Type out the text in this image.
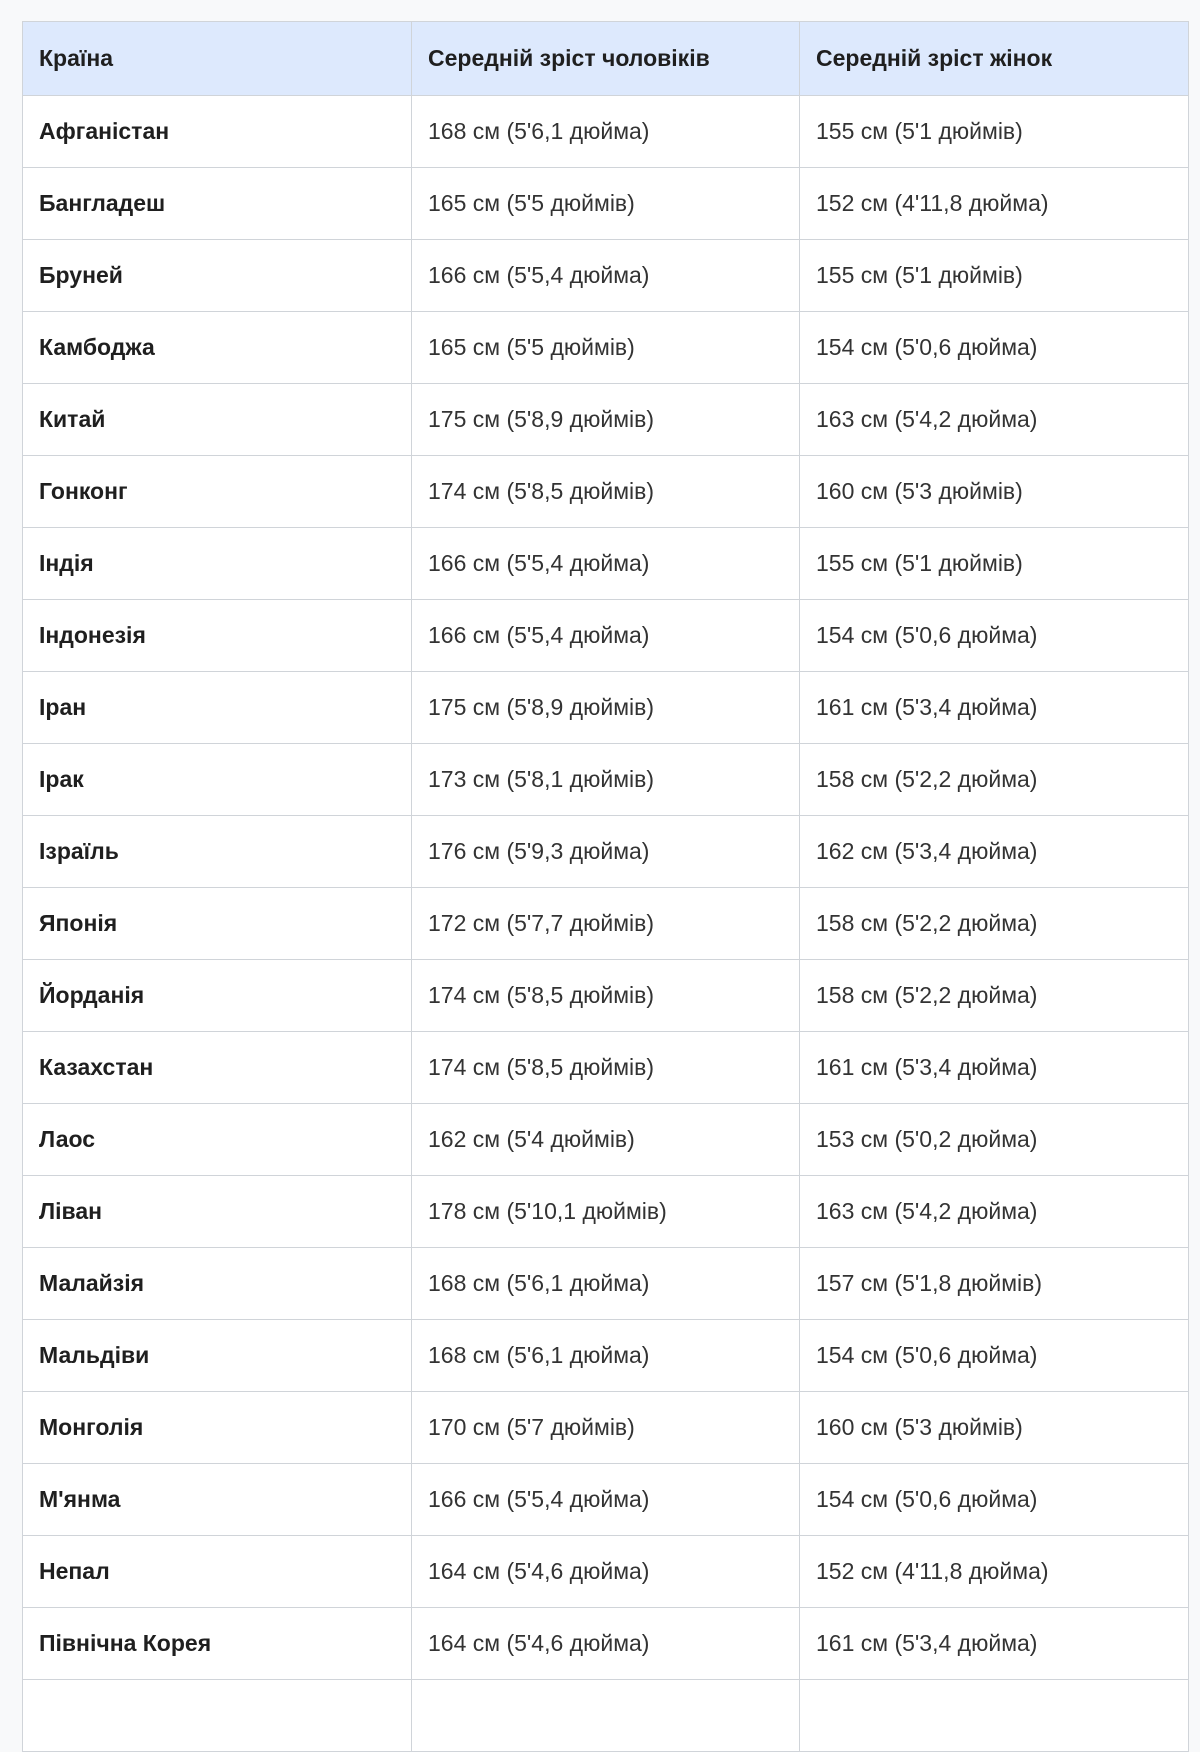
Країна	Середній зріст чоловіків	Середній зріст жінок
Афганістан	168 см (5'6,1 дюйма)	155 см (5'1 дюймів)
Бангладеш	165 см (5'5 дюймів)	152 см (4'11,8 дюйма)
Бруней	166 см (5'5,4 дюйма)	155 см (5'1 дюймів)
Камбоджа	165 см (5'5 дюймів)	154 см (5'0,6 дюйма)
Китай	175 см (5'8,9 дюймів)	163 см (5'4,2 дюйма)
Гонконг	174 см (5'8,5 дюймів)	160 см (5'3 дюймів)
Індія	166 см (5'5,4 дюйма)	155 см (5'1 дюймів)
Індонезія	166 см (5'5,4 дюйма)	154 см (5'0,6 дюйма)
Іран	175 см (5'8,9 дюймів)	161 см (5'3,4 дюйма)
Ірак	173 см (5'8,1 дюймів)	158 см (5'2,2 дюйма)
Ізраїль	176 см (5'9,3 дюйма)	162 см (5'3,4 дюйма)
Японія	172 см (5'7,7 дюймів)	158 см (5'2,2 дюйма)
Йорданія	174 см (5'8,5 дюймів)	158 см (5'2,2 дюйма)
Казахстан	174 см (5'8,5 дюймів)	161 см (5'3,4 дюйма)
Лаос	162 см (5'4 дюймів)	153 см (5'0,2 дюйма)
Ліван	178 см (5'10,1 дюймів)	163 см (5'4,2 дюйма)
Малайзія	168 см (5'6,1 дюйма)	157 см (5'1,8 дюймів)
Мальдіви	168 см (5'6,1 дюйма)	154 см (5'0,6 дюйма)
Монголія	170 см (5'7 дюймів)	160 см (5'3 дюймів)
М'янма	166 см (5'5,4 дюйма)	154 см (5'0,6 дюйма)
Непал	164 см (5'4,6 дюйма)	152 см (4'11,8 дюйма)
Північна Корея	164 см (5'4,6 дюйма)	161 см (5'3,4 дюйма)
